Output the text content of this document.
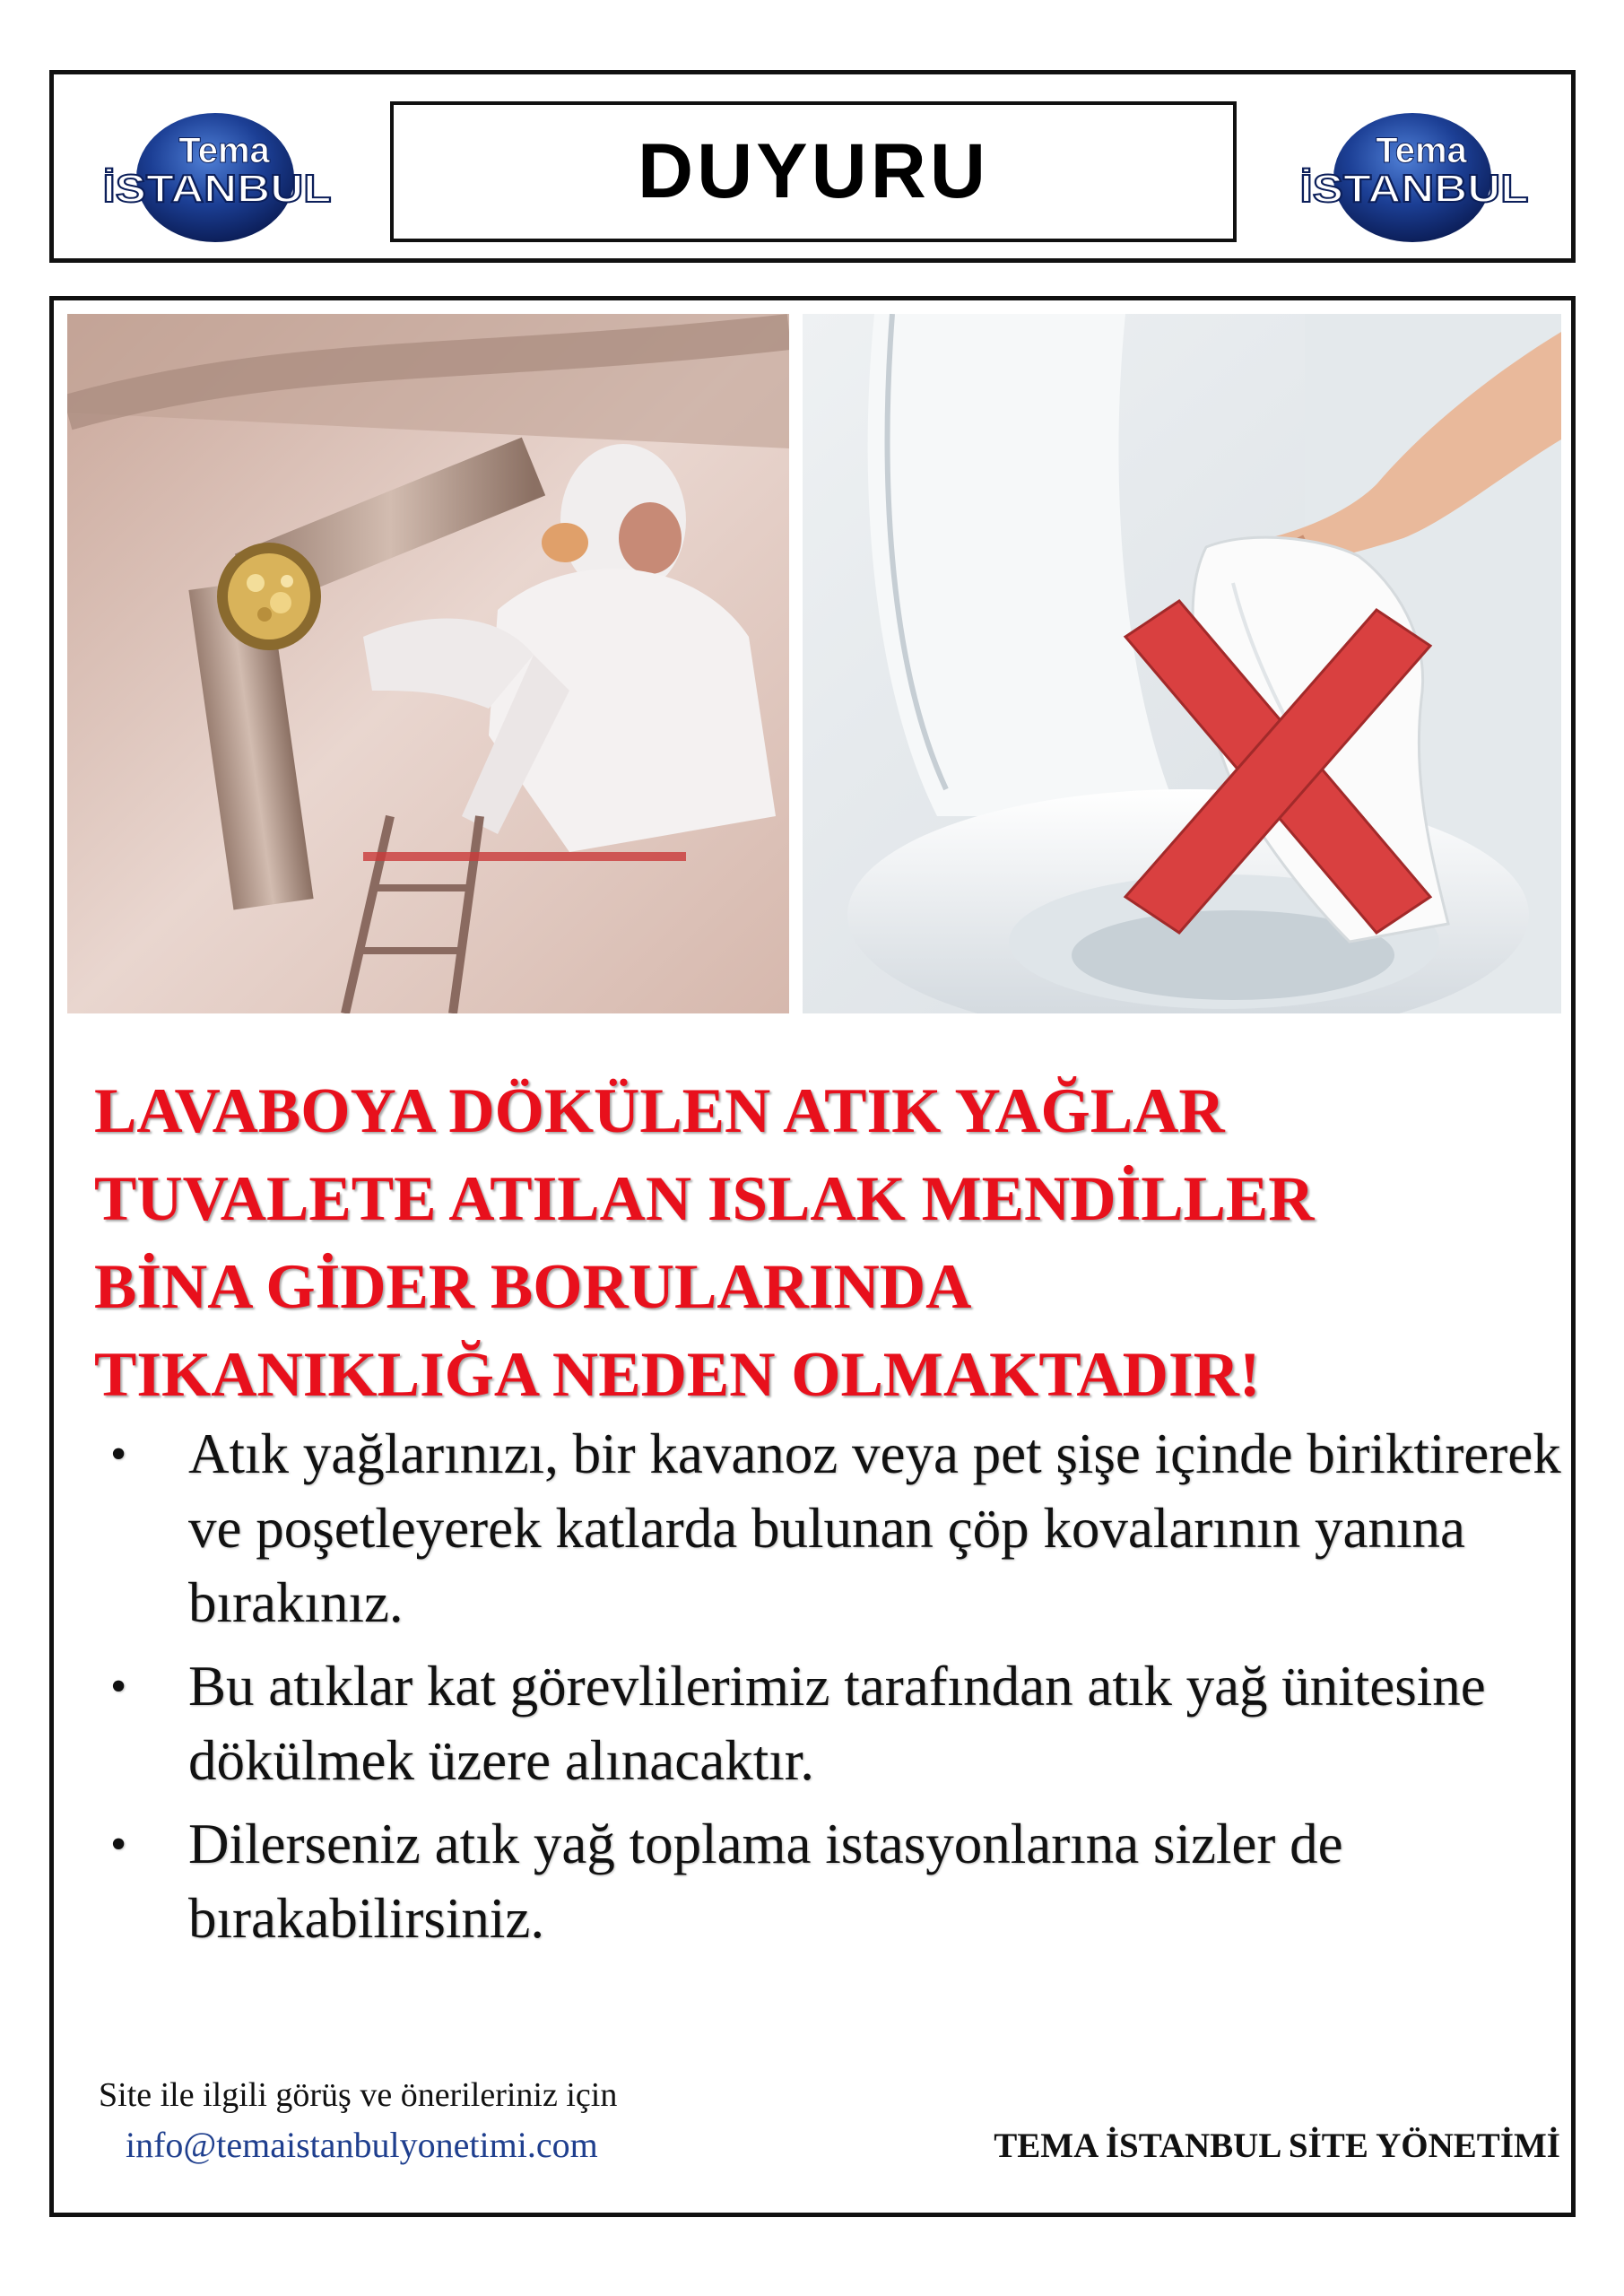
Tema
İSTANBUL	DUYURU	Tema
İSTANBUL
LAVABOYA DÖKÜLEN ATIK YAĞLAR
TUVALETE ATILAN ISLAK MENDİLLER
BİNA GİDER BORULARINDA
TIKANIKLIĞA NEDEN OLMAKTADIR!
• Atık yağlarınızı, bir kavanoz veya pet şişe içinde biriktirerek ve poşetleyerek katlarda bulunan çöp kovalarının yanına bırakınız.
• Bu atıklar kat görevlilerimiz tarafından atık yağ ünitesine dökülmek üzere alınacaktır.
• Dilerseniz atık yağ toplama istasyonlarına sizler de bırakabilirsiniz.
Site ile ilgili görüş ve önerileriniz için
info@temaistanbulyonetimi.com	TEMA İSTANBUL SİTE YÖNETİMİ
